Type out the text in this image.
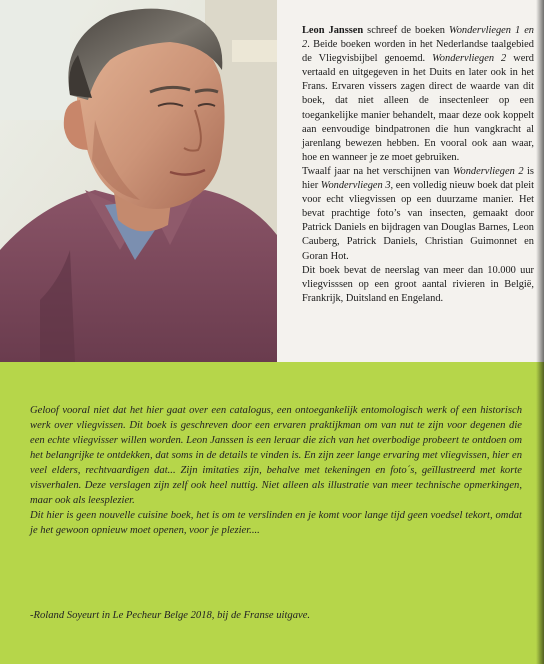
Leon Janssen schreef de boeken Wondervliegen 1 en 2. Beide boeken worden in het Nederlandse taalgebied de Vliegvisbijbel genoemd. Wondervliegen 2 werd vertaald en uitgegeven in het Duits en later ook in het Frans. Ervaren vissers zagen direct de waarde van dit boek, dat niet alleen de insectenleer op een toegankelijke manier behandelt, maar deze ook koppelt aan eenvoudige bindpatronen die hun vangkracht al jarenlang bewezen hebben. En vooral ook aan waar, hoe en wanneer je ze moet gebruiken.

Twaalf jaar na het verschijnen van Wondervliegen 2 is hier Wondervliegen 3, een volledig nieuw boek dat pleit voor echt vliegvissen op een duurzame manier. Het bevat prachtige foto’s van insecten, gemaakt door Patrick Daniels en bijdragen van Douglas Barnes, Leon Cauberg, Patrick Daniels, Christian Guimonnet en Goran Hot.

Dit boek bevat de neerslag van meer dan 10.000 uur vliegvisssen op een groot aantal rivieren in België, Frankrijk, Duitsland en Engeland.

Geloof vooral niet dat het hier gaat over een catalogus, een ontoegankelijk entomologisch werk of een historisch werk over vliegvissen. Dit boek is geschreven door een ervaren praktijkman om van nut te zijn voor degenen die een echte vliegvisser willen worden. Leon Janssen is een leraar die zich van het overbodige probeert te ontdoen om het belangrijke te ontdekken, dat soms in de details te vinden is. En zijn zeer lange ervaring met vliegvissen, hier en veel elders, rechtvaardigen dat... Zijn imitaties zijn, behalve met tekeningen en foto´s, geïllustreerd met korte visverhalen. Deze verslagen zijn zelf ook heel nuttig. Niet alleen als illustratie van meer technische opmerkingen, maar ook als leesplezier.

Dit hier is geen nouvelle cuisine boek, het is om te verslinden en je komt voor lange tijd geen voedsel tekort, omdat je het gewoon opnieuw moet openen, voor je plezier....

-Roland Soyeurt in Le Pecheur Belge 2018, bij de Franse uitgave.
